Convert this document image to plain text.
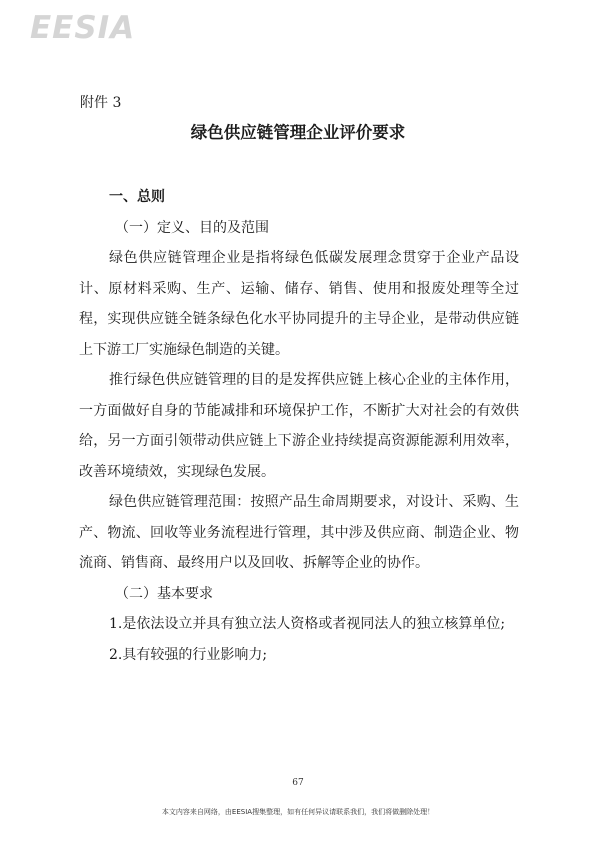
EESIA
附件 3
绿色供应链管理企业评价要求

一、总则

（一）定义、目的及范围

绿色供应链管理企业是指将绿色低碳发展理念贯穿于企业产品设计、原材料采购、生产、运输、储存、销售、使用和报废处理等全过程，实现供应链全链条绿色化水平协同提升的主导企业，是带动供应链上下游工厂实施绿色制造的关键。

推行绿色供应链管理的目的是发挥供应链上核心企业的主体作用，一方面做好自身的节能减排和环境保护工作，不断扩大对社会的有效供给，另一方面引领带动供应链上下游企业持续提高资源能源利用效率，改善环境绩效，实现绿色发展。

绿色供应链管理范围：按照产品生命周期要求，对设计、采购、生产、物流、回收等业务流程进行管理，其中涉及供应商、制造企业、物流商、销售商、最终用户以及回收、拆解等企业的协作。

（二）基本要求

1.是依法设立并具有独立法人资格或者视同法人的独立核算单位;

2.具有较强的行业影响力;

67
本文内容来自网络，由EESIA搜集整理，如有任何异议请联系我们，我们将做删除处理！
